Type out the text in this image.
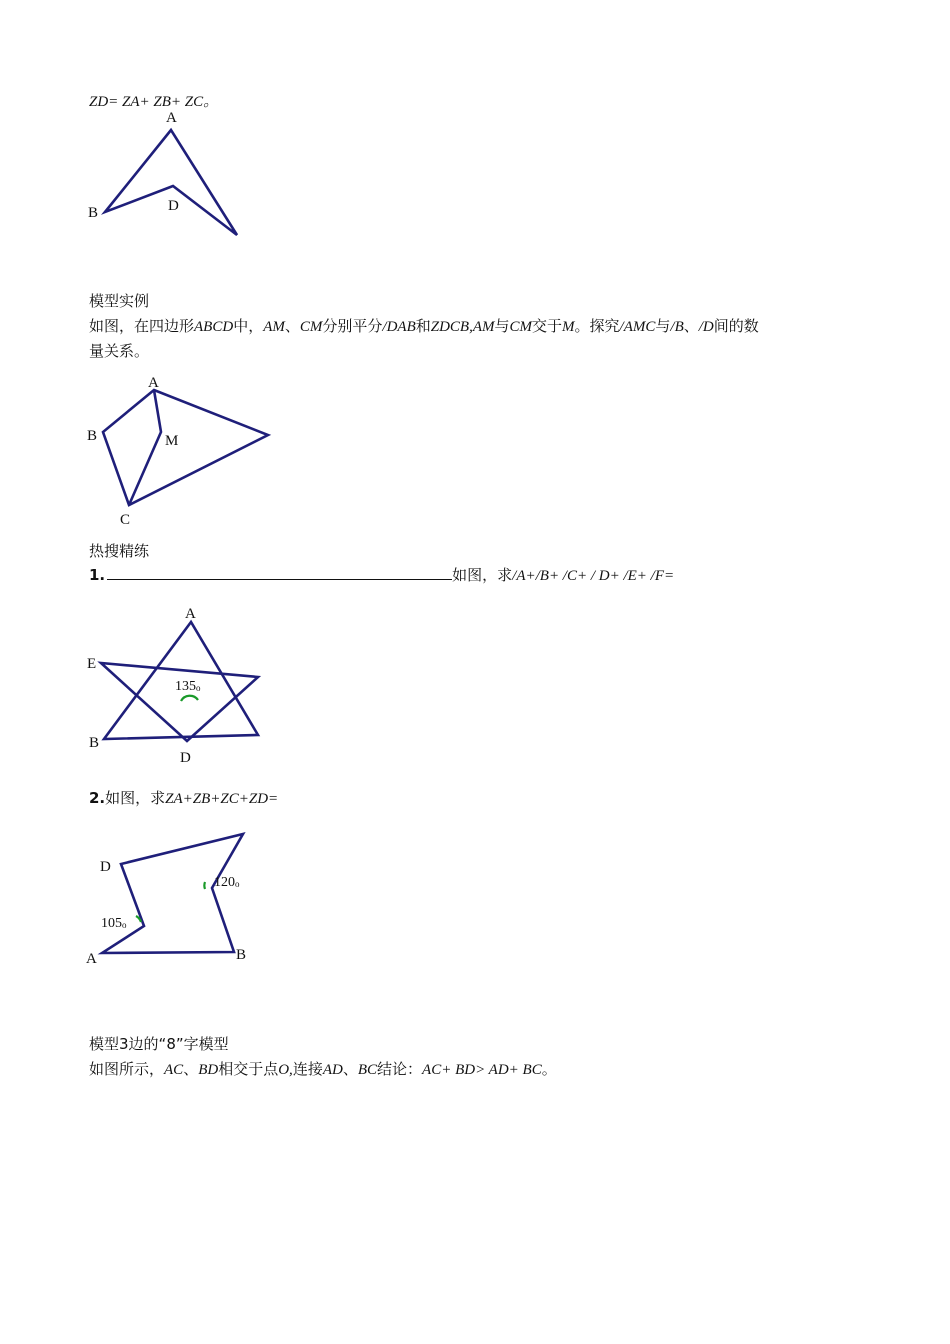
ZD= ZA+ ZB+ ZC。
A
B	D
模型实例
如图，在四边形ABCD中，AM、CM分别平分/DAB和ZDCB,AM与CM交于M。探究/AMC与/B、/D间的数
量关系。
A
B	M
C
热搜精练
1.	如图，求/A+/B+ /C+ / D+ /E+ /F=
A
E
B
D
135o
2.如图，求ZA+ZB+ZC+ZD=
D
A	B
120o
105o
模型3边的“8”字模型
如图所示，AC、BD相交于点O,连接AD、BC结论：AC+ BD> AD+ BC。
